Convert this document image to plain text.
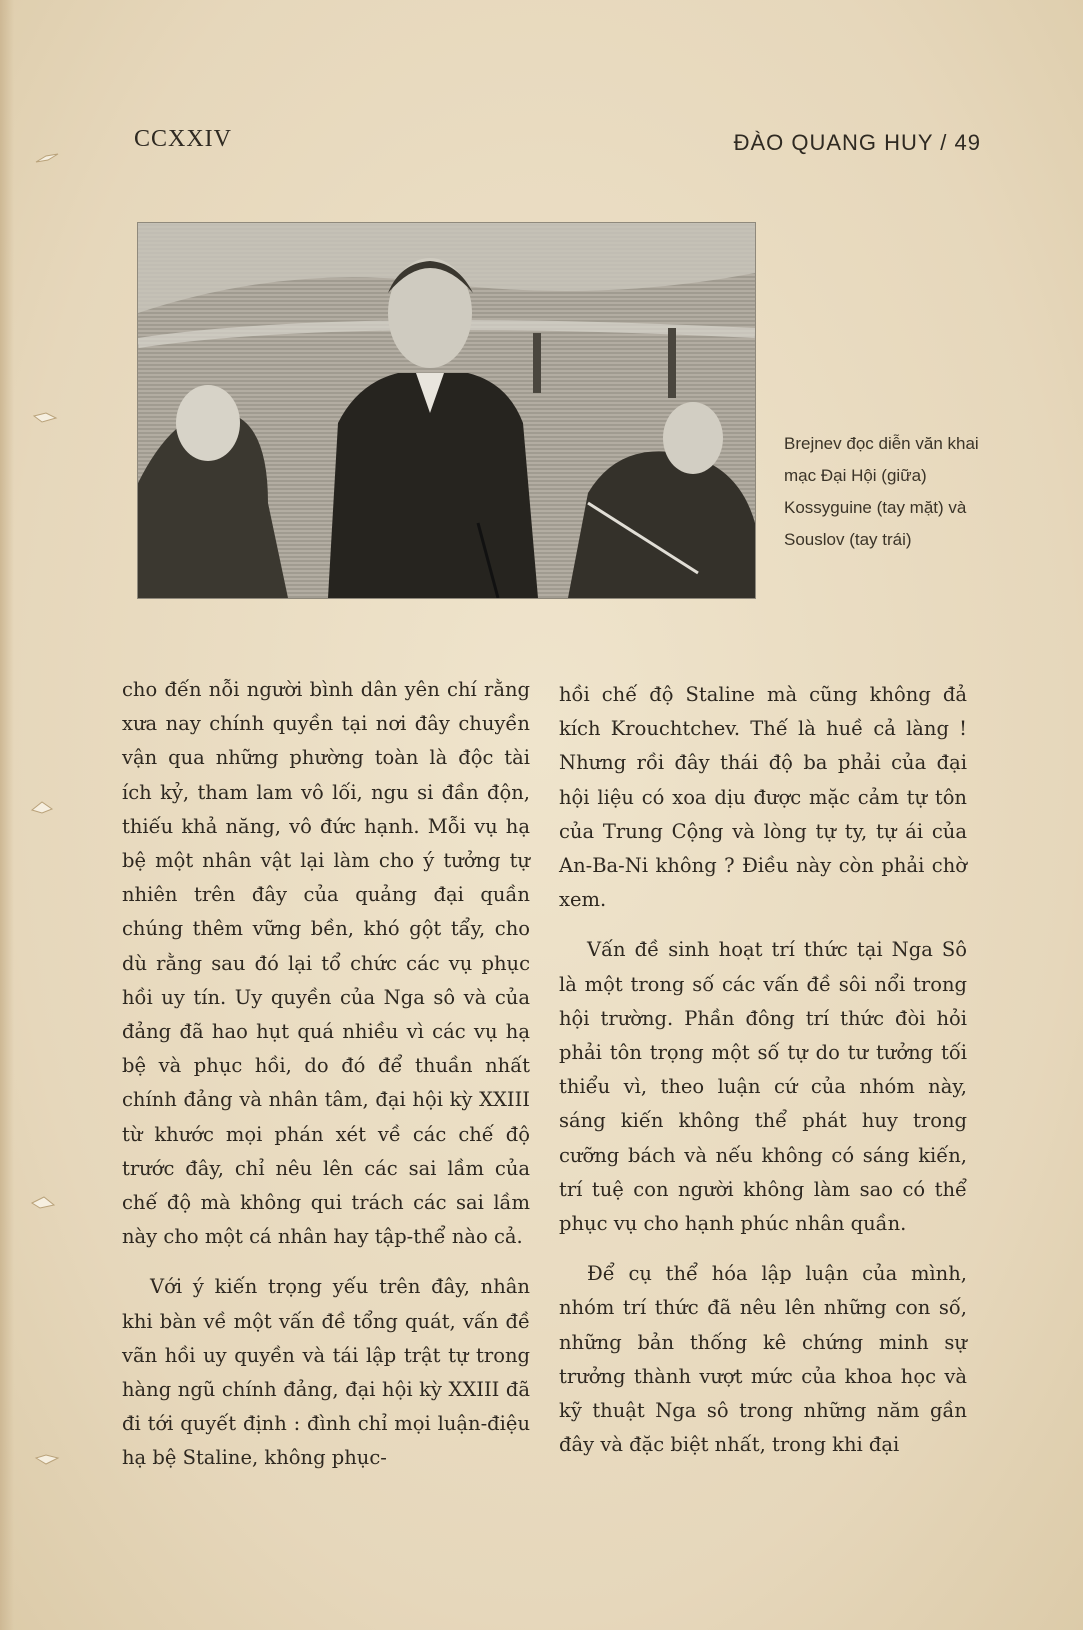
CCXXIV	ĐÀO QUANG HUY / 49
Brejnev đọc diễn văn khai mạc Đại Hội (giữa) Kossyguine (tay mặt) và Souslov (tay trái)

cho đến nỗi người bình dân yên chí rằng xưa nay chính quyền tại nơi đây chuyền vận qua những phường toàn là độc tài ích kỷ, tham lam vô lối, ngu si đần độn, thiếu khả năng, vô đức hạnh. Mỗi vụ hạ bệ một nhân vật lại làm cho ý tưởng tự nhiên trên đây của quảng đại quần chúng thêm vững bền, khó gột tẩy, cho dù rằng sau đó lại tổ chức các vụ phục hồi uy tín. Uy quyền của Nga sô và của đảng đã hao hụt quá nhiều vì các vụ hạ bệ và phục hồi, do đó để thuần nhất chính đảng và nhân tâm, đại hội kỳ XXIII từ khước mọi phán xét về các chế độ trước đây, chỉ nêu lên các sai lầm của chế độ mà không qui trách các sai lầm này cho một cá nhân hay tập-thể nào cả.

Với ý kiến trọng yếu trên đây, nhân khi bàn về một vấn đề tổng quát, vấn đề vãn hồi uy quyền và tái lập trật tự trong hàng ngũ chính đảng, đại hội kỳ XXIII đã đi tới quyết định : đình chỉ mọi luận-điệu hạ bệ Staline, không phục-

hồi chế độ Staline mà cũng không đả kích Krouchtchev. Thế là huề cả làng ! Nhưng rồi đây thái độ ba phải của đại hội liệu có xoa dịu được mặc cảm tự tôn của Trung Cộng và lòng tự ty, tự ái của An-Ba-Ni không ? Điều này còn phải chờ xem.

Vấn đề sinh hoạt trí thức tại Nga Sô là một trong số các vấn đề sôi nổi trong hội trường. Phần đông trí thức đòi hỏi phải tôn trọng một số tự do tư tưởng tối thiểu vì, theo luận cứ của nhóm này, sáng kiến không thể phát huy trong cưỡng bách và nếu không có sáng kiến, trí tuệ con người không làm sao có thể phục vụ cho hạnh phúc nhân quần.

Để cụ thể hóa lập luận của mình, nhóm trí thức đã nêu lên những con số, những bản thống kê chứng minh sự trưởng thành vượt mức của khoa học và kỹ thuật Nga sô trong những năm gần đây và đặc biệt nhất, trong khi đại
